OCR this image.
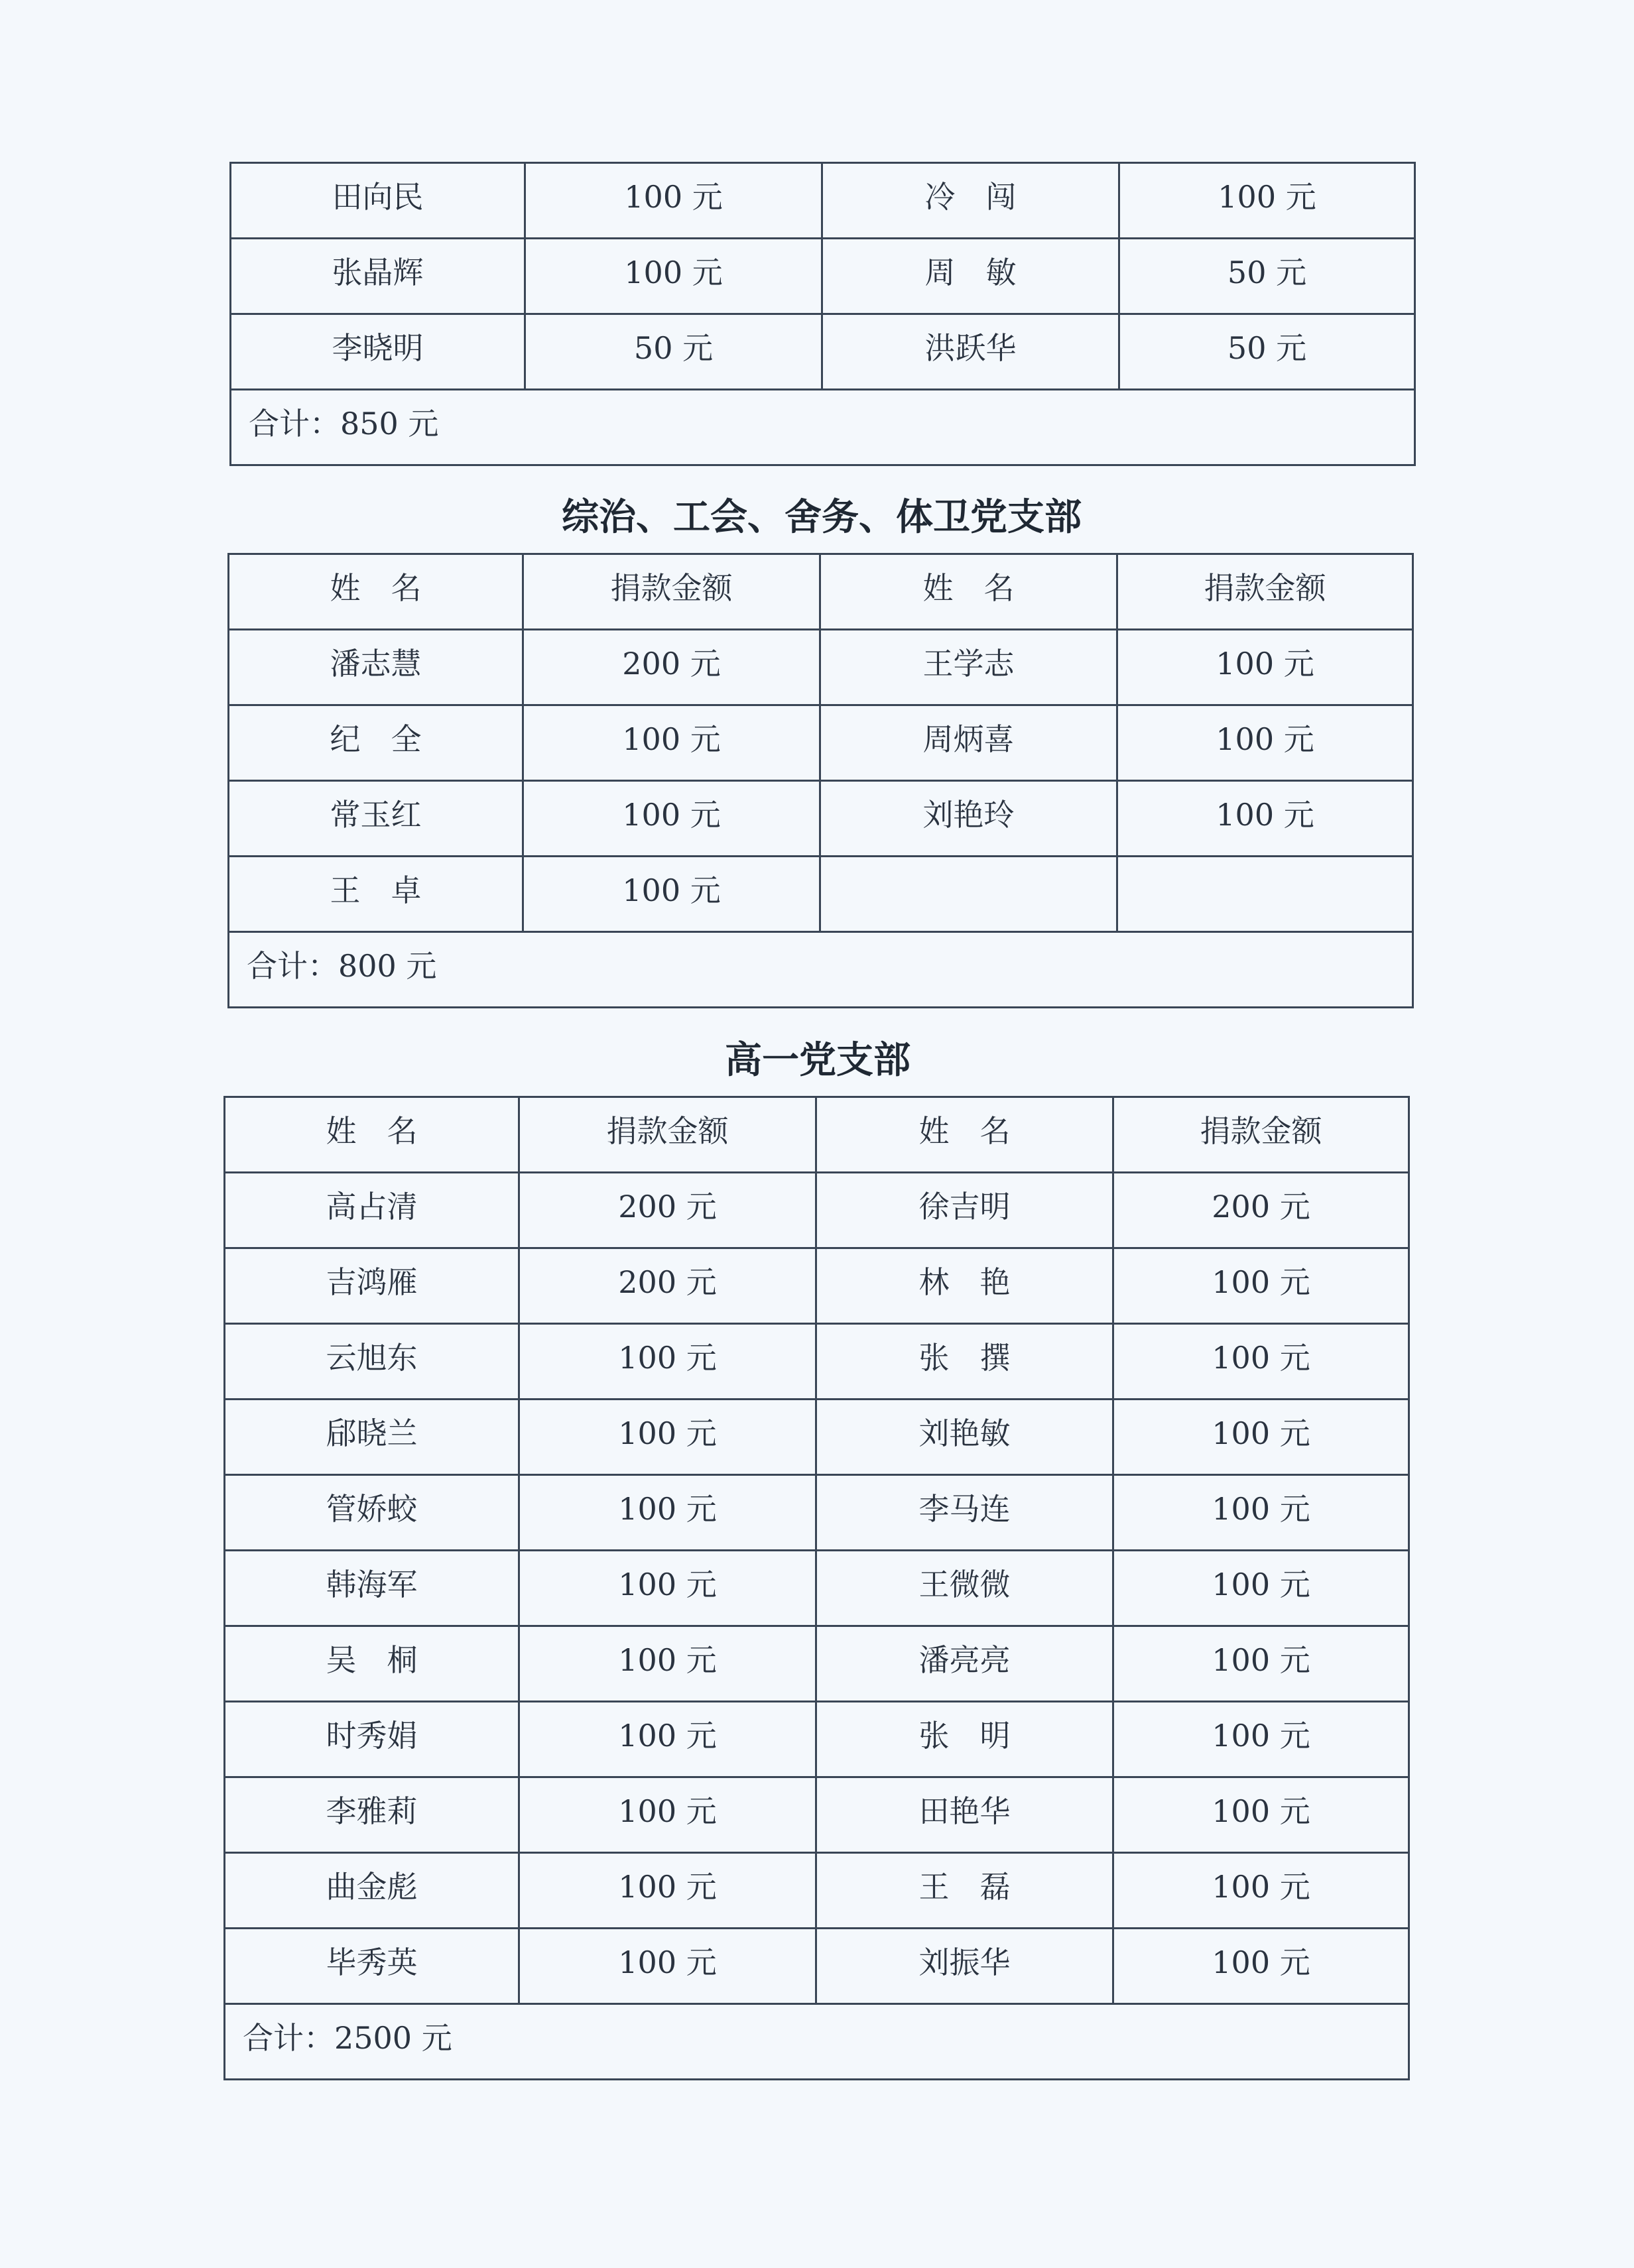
田向民	100 元	冷　闯	100 元
张晶辉	100 元	周　敏	50 元
李晓明	50 元	洪跃华	50 元
合计：850 元			
综治、工会、舍务、体卫党支部
姓　名	捐款金额	姓　名	捐款金额
潘志慧	200 元	王学志	100 元
纪　全	100 元	周炳喜	100 元
常玉红	100 元	刘艳玲	100 元
王　卓	100 元		
合计：800 元			
高一党支部
姓　名	捐款金额	姓　名	捐款金额
高占清	200 元	徐吉明	200 元
吉鸿雁	200 元	林　艳	100 元
云旭东	100 元	张　撰	100 元
郈晓兰	100 元	刘艳敏	100 元
管娇蛟	100 元	李马连	100 元
韩海军	100 元	王微微	100 元
吴　桐	100 元	潘亮亮	100 元
时秀娟	100 元	张　明	100 元
李雅莉	100 元	田艳华	100 元
曲金彪	100 元	王　磊	100 元
毕秀英	100 元	刘振华	100 元
合计：2500 元			
